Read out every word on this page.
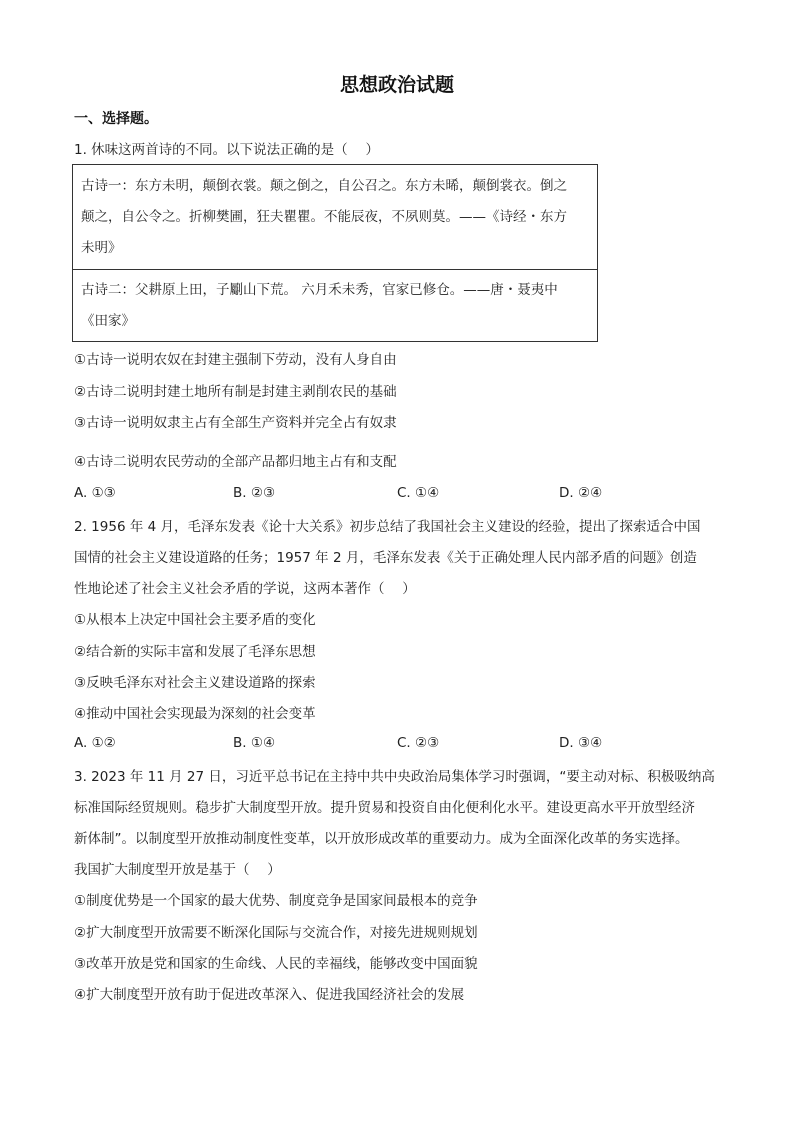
思想政治试题
一、选择题。
1. 休味这两首诗的不同。以下说法正确的是（　 ）
古诗一：东方未明，颠倒衣裳。颠之倒之，自公召之。东方未晞，颠倒裳衣。倒之
颠之，自公令之。折柳樊圃，狂夫瞿瞿。不能辰夜，不夙则莫。——《诗经・东方
未明》
古诗二：父耕原上田，子劚山下荒。 六月禾未秀，官家已修仓。——唐・聂夷中
《田家》
①古诗一说明农奴在封建主强制下劳动，没有人身自由
②古诗二说明封建土地所有制是封建主剥削农民的基础
③古诗一说明奴隶主占有全部生产资料并完全占有奴隶
④古诗二说明农民劳动的全部产品都归地主占有和支配
A. ①③	B. ②③	C. ①④	D. ②④
2. 1956 年 4 月，毛泽东发表《论十大关系》初步总结了我国社会主义建设的经验，提出了探索适合中国
国情的社会主义建设道路的任务；1957 年 2 月，毛泽东发表《关于正确处理人民内部矛盾的问题》创造
性地论述了社会主义社会矛盾的学说，这两本著作（　 ）
①从根本上决定中国社会主要矛盾的变化
②结合新的实际丰富和发展了毛泽东思想
③反映毛泽东对社会主义建设道路的探索
④推动中国社会实现最为深刻的社会变革
A. ①②	B. ①④	C. ②③	D. ③④
3. 2023 年 11 月 27 日，习近平总书记在主持中共中央政治局集体学习时强调，“要主动对标、积极吸纳高
标准国际经贸规则。稳步扩大制度型开放。提升贸易和投资自由化便利化水平。建设更高水平开放型经济
新体制”。以制度型开放推动制度性变革，以开放形成改革的重要动力。成为全面深化改革的务实选择。
我国扩大制度型开放是基于（　 ）
①制度优势是一个国家的最大优势、制度竞争是国家间最根本的竞争
②扩大制度型开放需要不断深化国际与交流合作，对接先进规则规划
③改革开放是党和国家的生命线、人民的幸福线，能够改变中国面貌
④扩大制度型开放有助于促进改革深入、促进我国经济社会的发展
